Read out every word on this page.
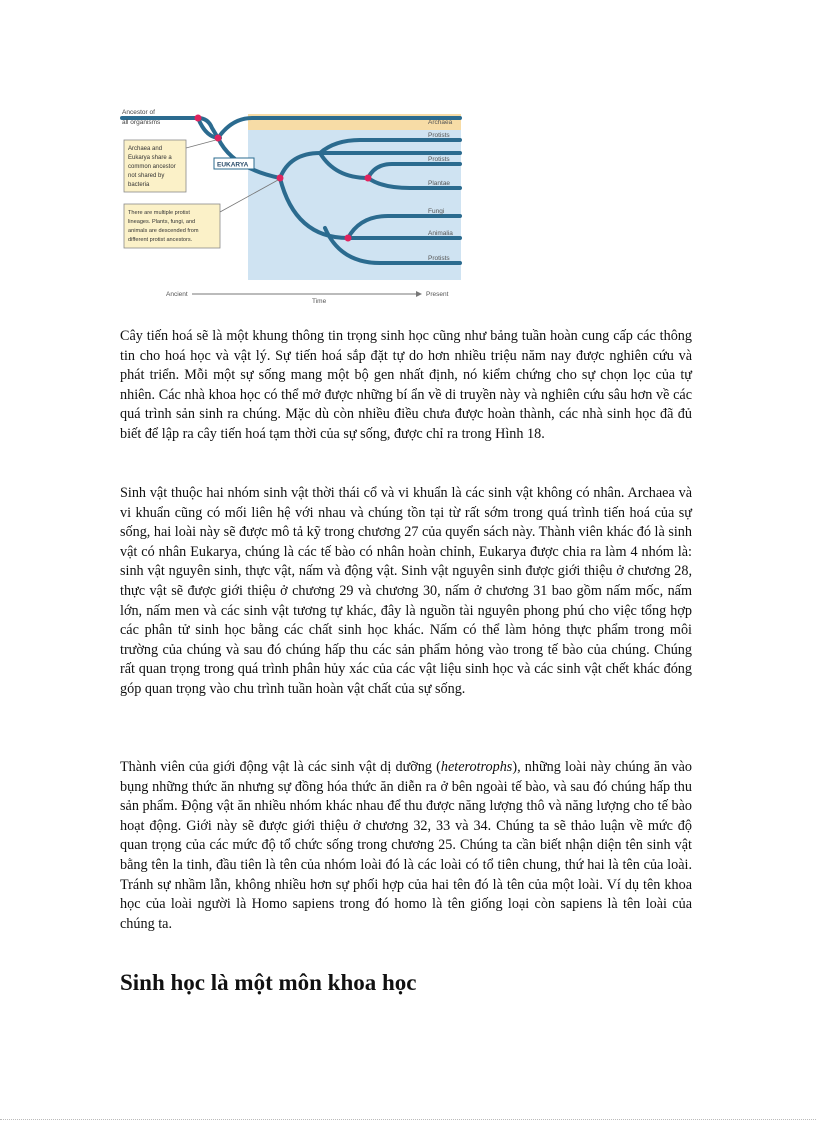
Ancestor of
all organisms
EUKARYA
Archaea
Protists
Protists
Plantae
Fungi
Animalia
Protists
Archaea and
Eukarya share a
common ancestor
not shared by
bacteria
There are multiple protist
lineages. Plants, fungi, and
animals are descended from
different protist ancestors.
Ancient
Time
Present

Cây tiến hoá sẽ là một khung thông tin trọng sinh học cũng như bảng tuần hoàn cung cấp các thông tin cho hoá học và vật lý. Sự tiến hoá sắp đặt tự do hơn nhiều triệu năm nay được nghiên cứu và phát triển. Mỗi một sự sống mang một bộ gen nhất định, nó kiểm chứng cho sự chọn lọc của tự nhiên. Các nhà khoa học có thể mở được những bí ẩn về di truyền này và nghiên cứu sâu hơn về các quá trình sản sinh ra chúng. Mặc dù còn nhiều điều chưa được hoàn thành, các nhà sinh học đã đủ biết để lập ra cây tiến hoá tạm thời của sự sống, được chỉ ra trong Hình 18.

Sinh vật thuộc hai nhóm sinh vật thời thái cổ và vi khuẩn là các sinh vật không có nhân. Archaea và vi khuẩn cũng có mối liên hệ với nhau và chúng tồn tại từ rất sớm trong quá trình tiến hoá của sự sống, hai loài này sẽ được mô tả kỹ trong chương 27 của quyển sách này. Thành viên khác đó là sinh vật có nhân Eukarya, chúng là các tế bào có nhân hoàn chỉnh, Eukarya được chia ra làm 4 nhóm là: sinh vật nguyên sinh, thực vật, nấm và động vật. Sinh vật nguyên sinh được giới thiệu ở chương 28, thực vật sẽ được giới thiệu ở chương 29 và chương 30, nấm ở chương 31 bao gồm nấm mốc, nấm lớn, nấm men và các sinh vật tương tự khác, đây là nguồn tài nguyên phong phú cho việc tổng hợp các phân tử sinh học bằng các chất sinh học khác. Nấm có thể làm hỏng thực phẩm trong môi trường của chúng và sau đó chúng hấp thu các sản phẩm hỏng vào trong tế bào của chúng. Chúng rất quan trọng trong quá trình phân hủy xác của các vật liệu sinh học và các sinh vật chết khác đóng góp quan trọng vào chu trình tuần hoàn vật chất của sự sống.

Thành viên của giới động vật là các sinh vật dị dưỡng (heterotrophs), những loài này chúng ăn vào bụng những thức ăn nhưng sự đồng hóa thức ăn diễn ra ở bên ngoài tế bào, và sau đó chúng hấp thu sản phẩm. Động vật ăn nhiều nhóm khác nhau để thu được năng lượng thô và năng lượng cho tế bào hoạt động. Giới này sẽ được giới thiệu ở chương 32, 33 và 34. Chúng ta sẽ thảo luận về mức độ quan trọng của các mức độ tổ chức sống trong chương 25. Chúng ta cần biết nhận diện tên sinh vật bằng tên la tinh, đầu tiên là tên của nhóm loài đó là các loài có tổ tiên chung, thứ hai là tên của loài. Tránh sự nhầm lẫn, không nhiều hơn sự phối hợp của hai tên đó là tên của một loài. Ví dụ tên khoa học của loài người là Homo sapiens trong đó homo là tên giống loại còn sapiens là tên loài của chúng ta.

Sinh học là một môn khoa học
